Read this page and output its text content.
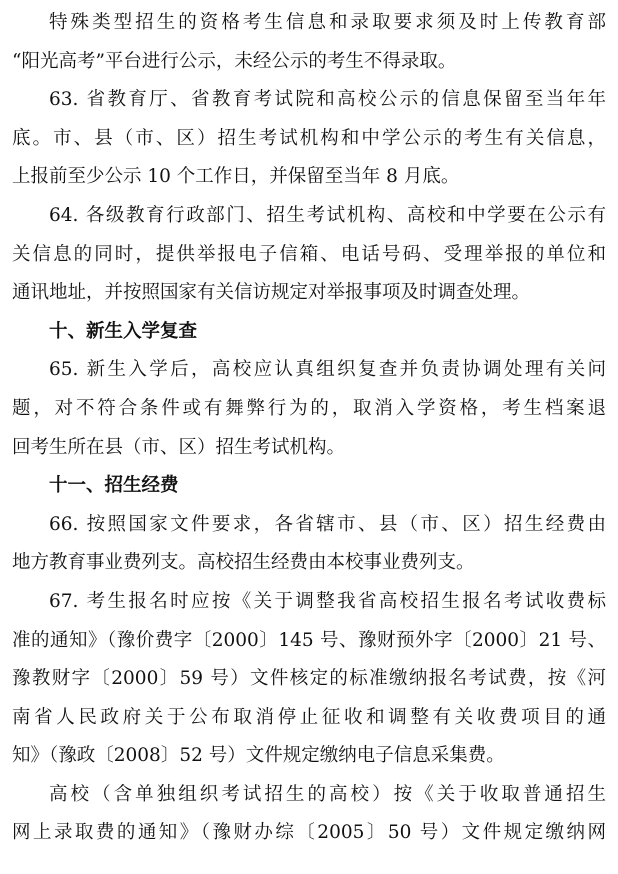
特殊类型招生的资格考生信息和录取要求须及时上传教育部
“阳光高考”平台进行公示，未经公示的考生不得录取。
63. 省教育厅、省教育考试院和高校公示的信息保留至当年年
底。市、县（市、区）招生考试机构和中学公示的考生有关信息，
上报前至少公示 10 个工作日，并保留至当年 8 月底。
64. 各级教育行政部门、招生考试机构、高校和中学要在公示有
关信息的同时，提供举报电子信箱、电话号码、受理举报的单位和
通讯地址，并按照国家有关信访规定对举报事项及时调查处理。
十、新生入学复查
65. 新生入学后，高校应认真组织复查并负责协调处理有关问
题，对不符合条件或有舞弊行为的，取消入学资格，考生档案退
回考生所在县（市、区）招生考试机构。
十一、招生经费
66. 按照国家文件要求，各省辖市、县（市、区）招生经费由
地方教育事业费列支。高校招生经费由本校事业费列支。
67. 考生报名时应按《关于调整我省高校招生报名考试收费标
准的通知》（豫价费字〔2000〕145 号、豫财预外字〔2000〕21 号、
豫教财字〔2000〕59 号）文件核定的标准缴纳报名考试费，按《河
南省人民政府关于公布取消停止征收和调整有关收费项目的通
知》（豫政〔2008〕52 号）文件规定缴纳电子信息采集费。
高校（含单独组织考试招生的高校）按《关于收取普通招生
网上录取费的通知》（豫财办综〔2005〕50 号）文件规定缴纳网
